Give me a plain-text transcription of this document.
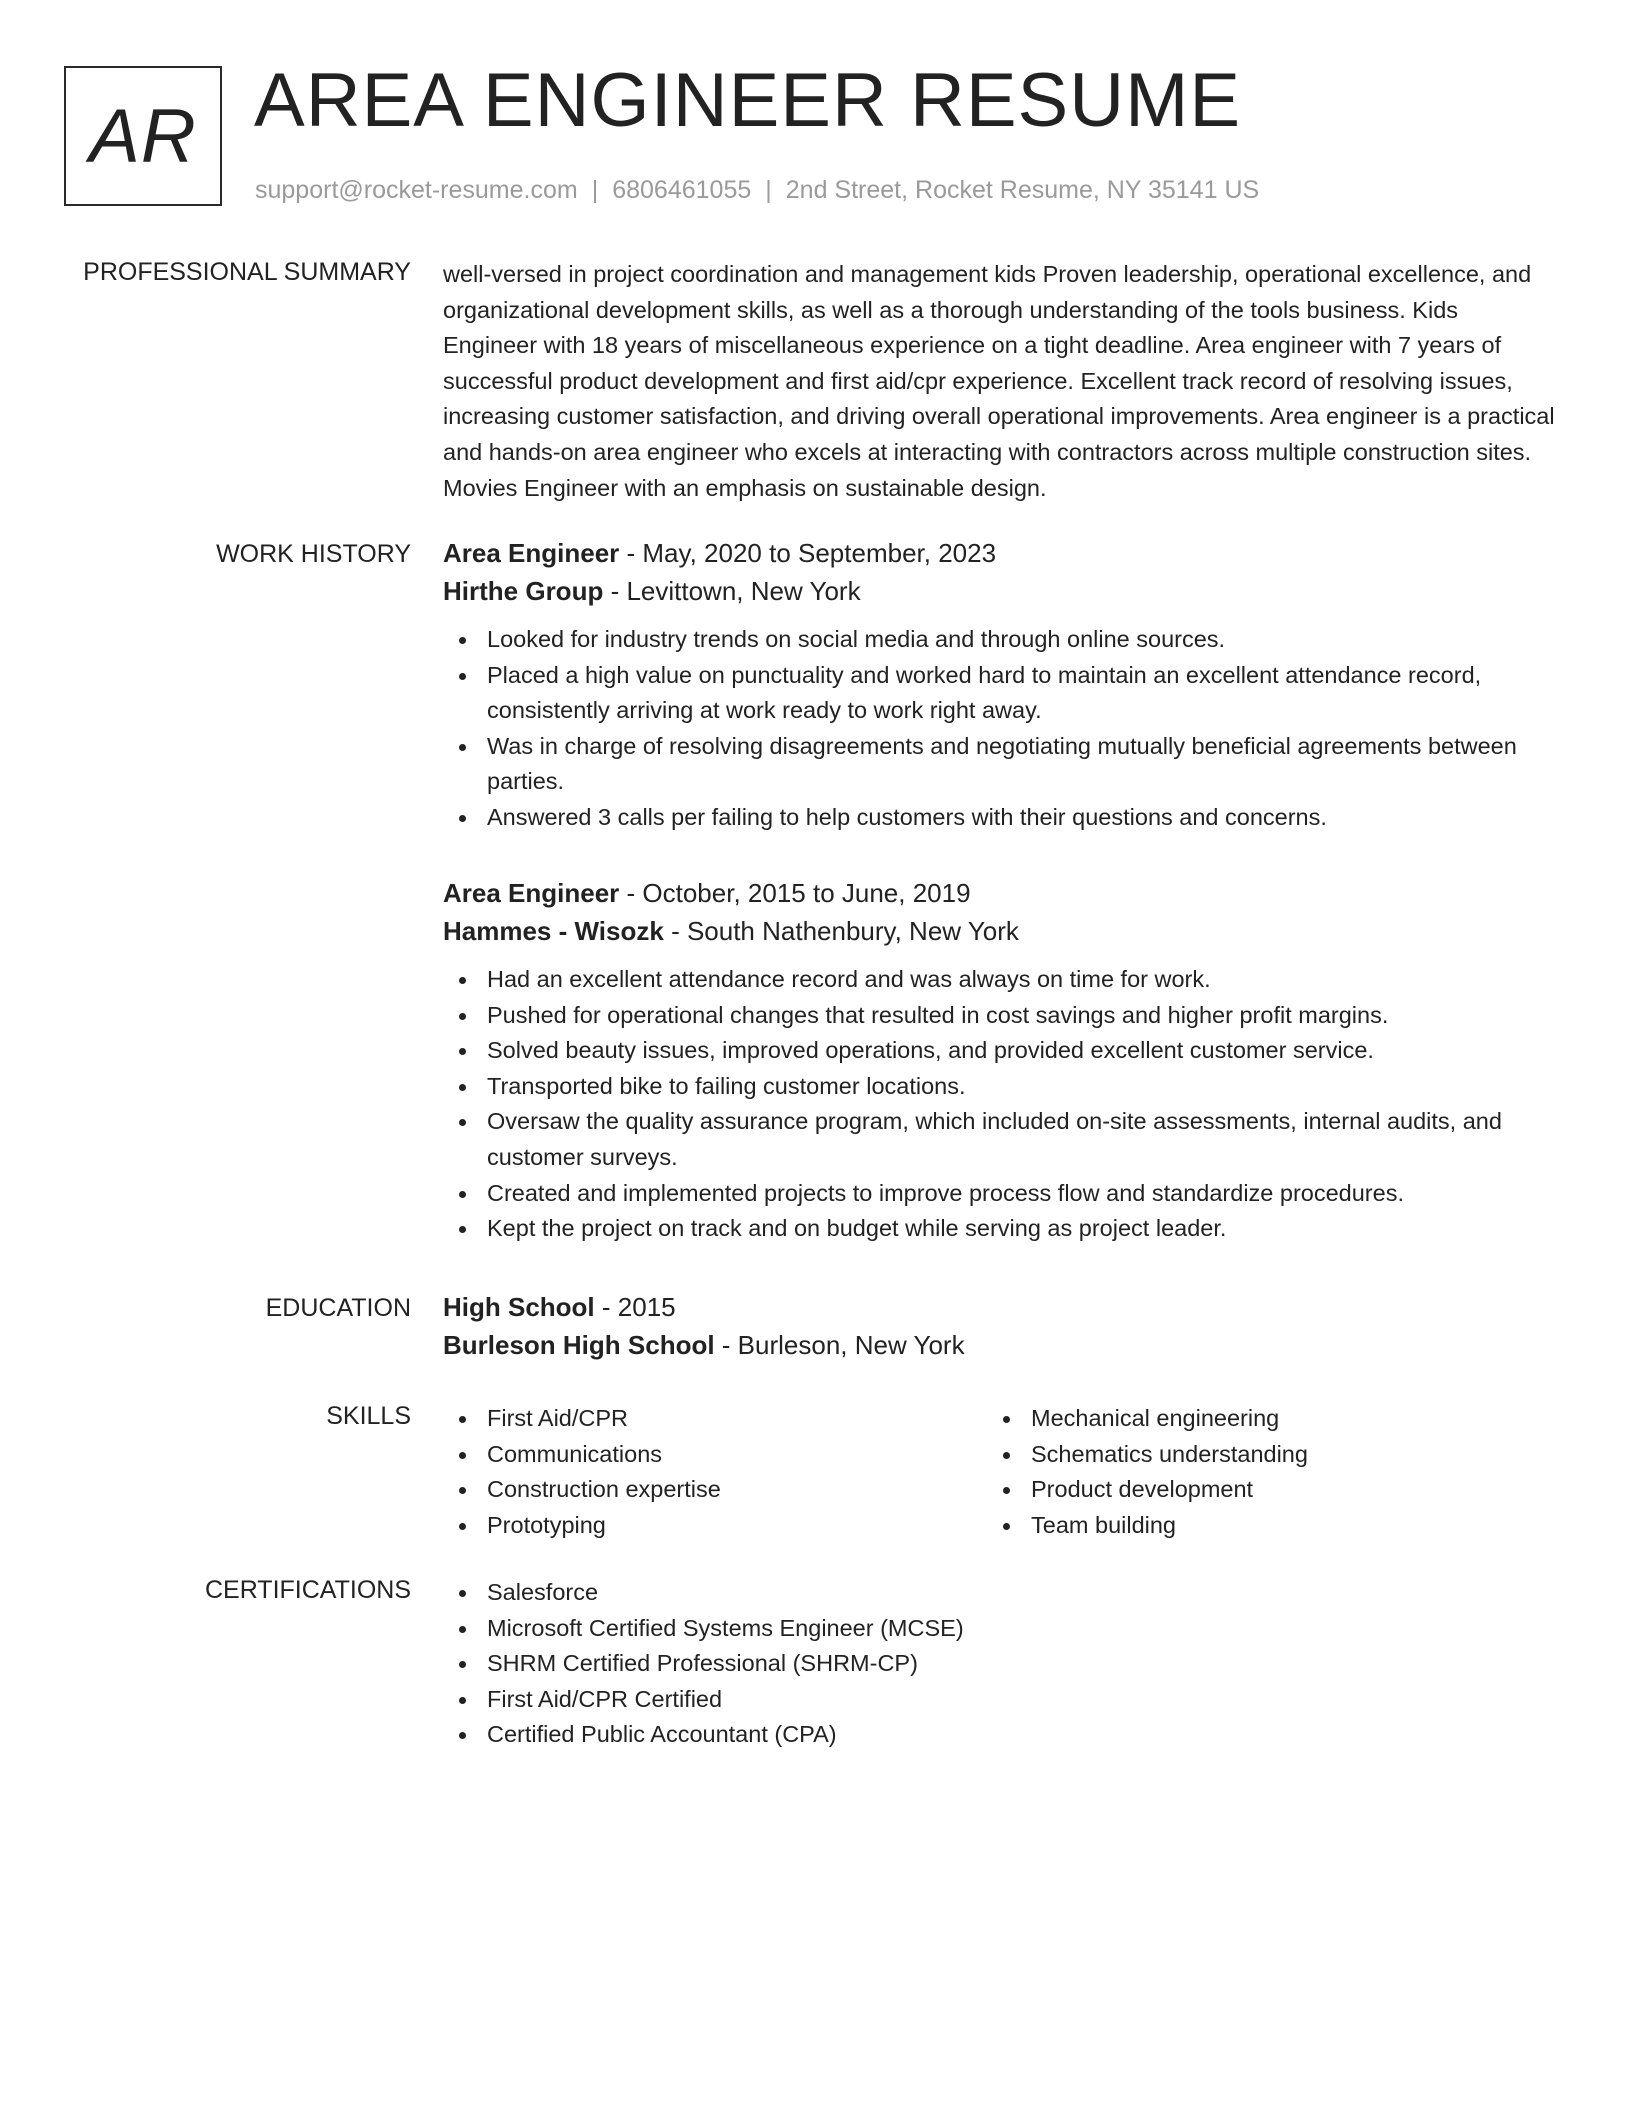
AR AREA ENGINEER RESUME
support@rocket-resume.com | 6806461055 | 2nd Street, Rocket Resume, NY 35141 US
PROFESSIONAL SUMMARY well-versed in project coordination and management kids Proven leadership, operational excellence, and organizational development skills, as well as a thorough understanding of the tools business. Kids Engineer with 18 years of miscellaneous experience on a tight deadline. Area engineer with 7 years of successful product development and first aid/cpr experience. Excellent track record of resolving issues, increasing customer satisfaction, and driving overall operational improvements. Area engineer is a practical and hands-on area engineer who excels at interacting with contractors across multiple construction sites. Movies Engineer with an emphasis on sustainable design.

WORK HISTORY Area Engineer - May, 2020 to September, 2023
Hirthe Group - Levittown, New York
Looked for industry trends on social media and through online sources.
Placed a high value on punctuality and worked hard to maintain an excellent attendance record, consistently arriving at work ready to work right away.
Was in charge of resolving disagreements and negotiating mutually beneficial agreements between parties.
Answered 3 calls per failing to help customers with their questions and concerns.
Area Engineer - October, 2015 to June, 2019
Hammes - Wisozk - South Nathenbury, New York
Had an excellent attendance record and was always on time for work.
Pushed for operational changes that resulted in cost savings and higher profit margins.
Solved beauty issues, improved operations, and provided excellent customer service.
Transported bike to failing customer locations.
Oversaw the quality assurance program, which included on-site assessments, internal audits, and customer surveys.
Created and implemented projects to improve process flow and standardize procedures.
Kept the project on track and on budget while serving as project leader.
EDUCATION High School - 2015
Burleson High School - Burleson, New York
SKILLS	First Aid/CPR
Communications
Construction expertise
Prototyping
Mechanical engineering
Schematics understanding
Product development
Team building
CERTIFICATIONS	Salesforce
Microsoft Certified Systems Engineer (MCSE)
SHRM Certified Professional (SHRM-CP)
First Aid/CPR Certified
Certified Public Accountant (CPA)
